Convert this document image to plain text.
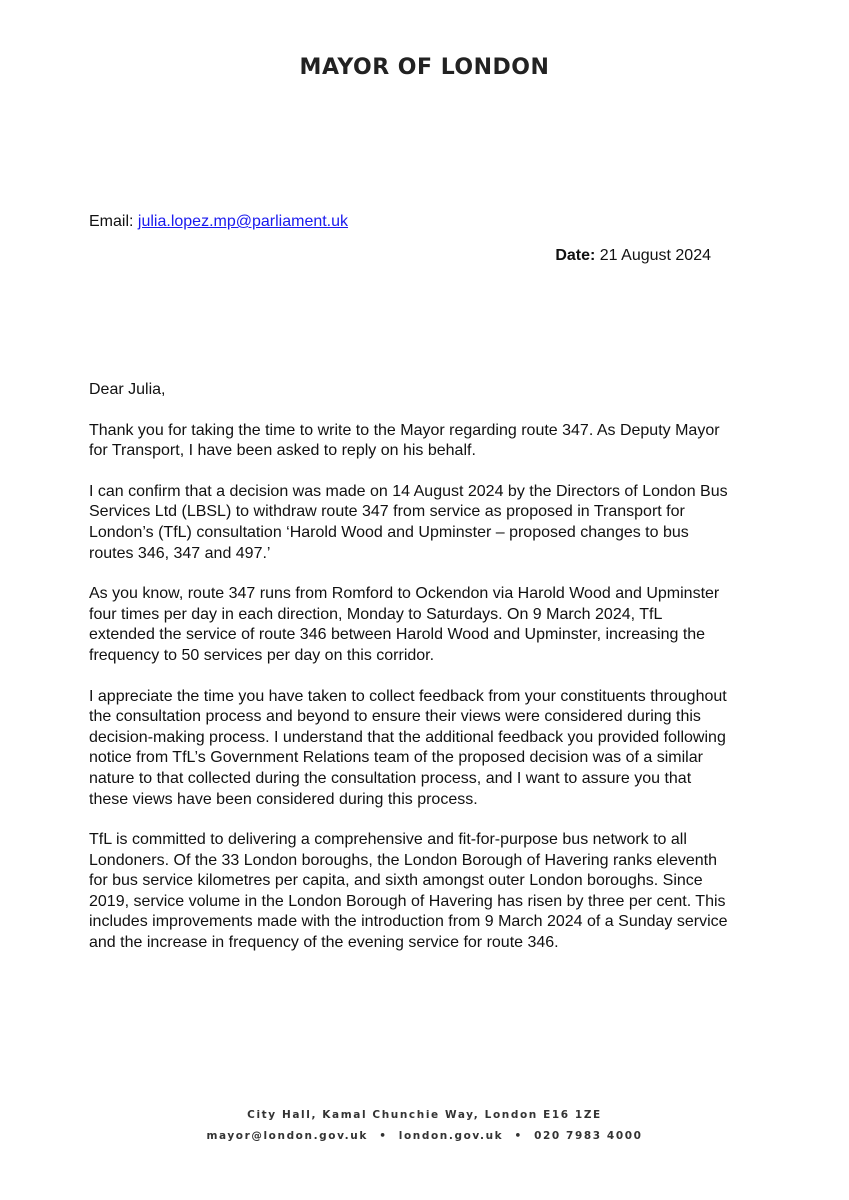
MAYOR OF LONDON
Email: julia.lopez.mp@parliament.uk
Date: 21 August 2024

Dear Julia,

Thank you for taking the time to write to the Mayor regarding route 347. As Deputy Mayor for Transport, I have been asked to reply on his behalf.

I can confirm that a decision was made on 14 August 2024 by the Directors of London Bus Services Ltd (LBSL) to withdraw route 347 from service as proposed in Transport for London’s (TfL) consultation ‘Harold Wood and Upminster – proposed changes to bus routes 346, 347 and 497.’

As you know, route 347 runs from Romford to Ockendon via Harold Wood and Upminster four times per day in each direction, Monday to Saturdays. On 9 March 2024, TfL extended the service of route 346 between Harold Wood and Upminster, increasing the frequency to 50 services per day on this corridor.

I appreciate the time you have taken to collect feedback from your constituents throughout the consultation process and beyond to ensure their views were considered during this decision-making process. I understand that the additional feedback you provided following notice from TfL’s Government Relations team of the proposed decision was of a similar nature to that collected during the consultation process, and I want to assure you that these views have been considered during this process.

TfL is committed to delivering a comprehensive and fit-for-purpose bus network to all Londoners. Of the 33 London boroughs, the London Borough of Havering ranks eleventh for bus service kilometres per capita, and sixth amongst outer London boroughs. Since 2019, service volume in the London Borough of Havering has risen by three per cent. This includes improvements made with the introduction from 9 March 2024 of a Sunday service and the increase in frequency of the evening service for route 346.

City Hall, Kamal Chunchie Way, London E16 1ZE
mayor@london.gov.uk • london.gov.uk • 020 7983 4000
